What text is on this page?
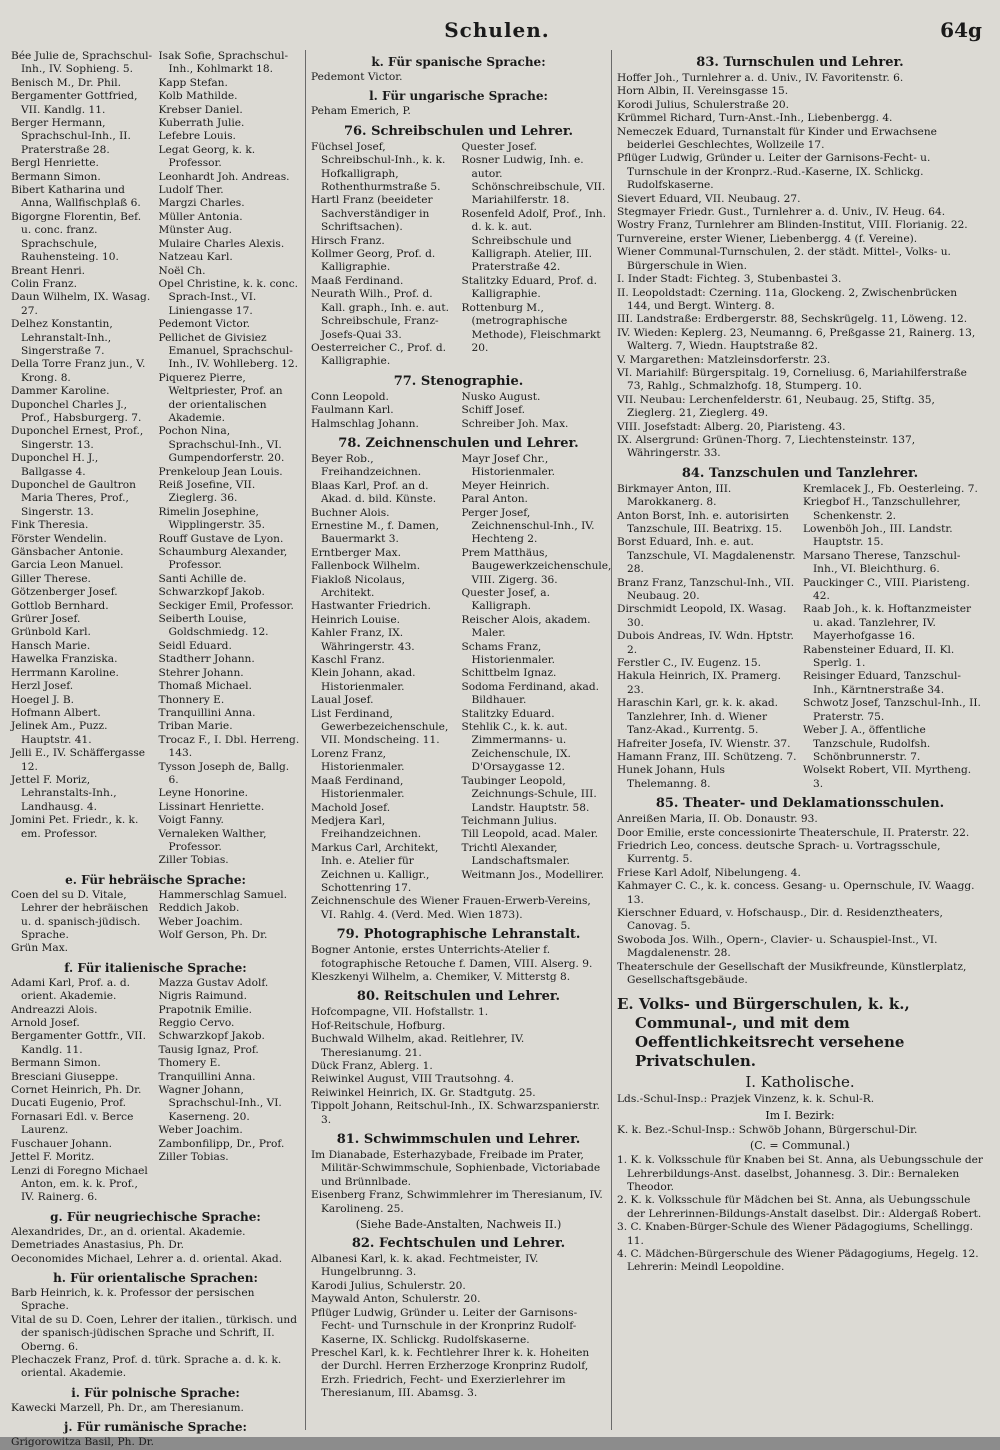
Schulen.	64g

Bée Julie de, Sprachschul-Inh., IV. Sophieng. 5.

Benisch M., Dr. Phil.

Bergamenter Gottfried, VII. Kandlg. 11.

Berger Hermann, Sprachschul-Inh., II. Praterstraße 28.

Bergl Henriette.

Bermann Simon.

Bibert Katharina und Anna, Wallfischplaß 6.

Bigorgne Florentin, Bef. u. conc. franz. Sprachschule, Rauhensteing. 10.

Breant Henri.

Colin Franz.

Daun Wilhelm, IX. Wasag. 27.

Delhez Konstantin, Lehranstalt-Inh., Singerstraße 7.

Della Torre Franz jun., V. Krong. 8.

Dammer Karoline.

Duponchel Charles J., Prof., Habsburgerg. 7.

Duponchel Ernest, Prof., Singerstr. 13.

Duponchel H. J., Ballgasse 4.

Duponchel de Gaultron Maria Theres, Prof., Singerstr. 13.

Fink Theresia.

Förster Wendelin.

Gänsbacher Antonie.

Garcia Leon Manuel.

Giller Therese.

Götzenberger Josef.

Gottlob Bernhard.

Grürer Josef.

Grünbold Karl.

Hansch Marie.

Hawelka Franziska.

Herrmann Karoline.

Herzl Josef.

Hoegel J. B.

Hofmann Albert.

Jelinek Am., Puzz. Hauptstr. 41.

Jelli E., IV. Schäffergasse 12.

Jettel F. Moriz, Lehranstalts-Inh., Landhausg. 4.

Jomini Pet. Friedr., k. k. em. Professor.

Isak Sofie, Sprachschul-Inh., Kohlmarkt 18.

Kapp Stefan.

Kolb Mathilde.

Krebser Daniel.

Kuberrath Julie.

Lefebre Louis.

Legat Georg, k. k. Professor.

Leonhardt Joh. Andreas.

Ludolf Ther.

Margzi Charles.

Müller Antonia.

Münster Aug.

Mulaire Charles Alexis.

Natzeau Karl.

Noël Ch.

Opel Christine, k. k. conc. Sprach-Inst., VI. Liniengasse 17.

Pedemont Victor.

Pellichet de Givisiez Emanuel, Sprachschul-Inh., IV. Wohlleberg. 12.

Piquerez Pierre, Weltpriester, Prof. an der orientalischen Akademie.

Pochon Nina, Sprachschul-Inh., VI. Gumpendorferstr. 20.

Prenkeloup Jean Louis.

Reiß Josefine, VII. Zieglerg. 36.

Rimelin Josephine, Wipplingerstr. 35.

Rouff Gustave de Lyon.

Schaumburg Alexander, Professor.

Santi Achille de.

Schwarzkopf Jakob.

Seckiger Emil, Professor.

Seiberth Louise, Goldschmiedg. 12.

Seidl Eduard.

Stadtherr Johann.

Stehrer Johann.

Thomaß Michael.

Thonnery E.

Tranquillini Anna.

Triban Marie.

Trocaz F., I. Dbl. Herreng. 143.

Tysson Joseph de, Ballg. 6.

Leyne Honorine.

Lissinart Henriette.

Voigt Fanny.

Vernaleken Walther, Professor.

Ziller Tobias.

e. Für hebräische Sprache:

Coen del su D. Vitale, Lehrer der hebräischen u. d. spanisch-jüdisch. Sprache.

Grün Max.

Hammerschlag Samuel.

Reddich Jakob.

Weber Joachim.

Wolf Gerson, Ph. Dr.

f. Für italienische Sprache:

Adami Karl, Prof. a. d. orient. Akademie.

Andreazzi Alois.

Arnold Josef.

Bergamenter Gottfr., VII. Kandlg. 11.

Bermann Simon.

Bresciani Giuseppe.

Cornet Heinrich, Ph. Dr.

Ducati Eugenio, Prof.

Fornasari Edl. v. Berce Laurenz.

Fuschauer Johann.

Jettel F. Moritz.

Lenzi di Foregno Michael Anton, em. k. k. Prof., IV. Rainerg. 6.

Mazza Gustav Adolf.

Nigris Raimund.

Prapotnik Emilie.

Reggio Cervo.

Schwarzkopf Jakob.

Tausig Ignaz, Prof.

Thomery E.

Tranquillini Anna.

Wagner Johann, Sprachschul-Inh., VI. Kaserneng. 20.

Weber Joachim.

Zambonfilipp, Dr., Prof.

Ziller Tobias.

g. Für neugriechische Sprache:

Alexandrides, Dr., an d. oriental. Akademie.

Demetriades Anastasius, Ph. Dr.

Oeconomides Michael, Lehrer a. d. oriental. Akad.

h. Für orientalische Sprachen:

Barb Heinrich, k. k. Professor der persischen Sprache.

Vital de su D. Coen, Lehrer der italien., türkisch. und der spanisch-jüdischen Sprache und Schrift, II. Oberng. 6.

Plechaczek Franz, Prof. d. türk. Sprache a. d. k. k. oriental. Akademie.

i. Für polnische Sprache:

Kawecki Marzell, Ph. Dr., am Theresianum.

j. Für rumänische Sprache:

Grigorowitza Basil, Ph. Dr.

k. Für spanische Sprache:

Pedemont Victor.

l. Für ungarische Sprache:

Peham Emerich, P.

76. Schreibschulen und Lehrer.

Füchsel Josef, Schreibschul-Inh., k. k. Hofkalligraph, Rothenthurmstraße 5.

Hartl Franz (beeideter Sachverständiger in Schriftsachen).

Hirsch Franz.

Kollmer Georg, Prof. d. Kalligraphie.

Maaß Ferdinand.

Neurath Wilh., Prof. d. Kall. graph., Inh. e. aut. Schreibschule, Franz-Josefs-Quai 33.

Oesterreicher C., Prof. d. Kalligraphie.

Quester Josef.

Rosner Ludwig, Inh. e. autor. Schönschreibschule, VII. Mariahilferstr. 18.

Rosenfeld Adolf, Prof., Inh. d. k. k. aut. Schreibschule und Kalligraph. Atelier, III. Praterstraße 42.

Stalitzky Eduard, Prof. d. Kalligraphie.

Rottenburg M., (metrographische Methode), Fleischmarkt 20.

77. Stenographie.

Conn Leopold.

Faulmann Karl.

Halmschlag Johann.

Nusko August.

Schiff Josef.

Schreiber Joh. Max.

78. Zeichnenschulen und Lehrer.

Beyer Rob., Freihandzeichnen.

Blaas Karl, Prof. an d. Akad. d. bild. Künste.

Buchner Alois.

Ernestine M., f. Damen, Bauermarkt 3.

Erntberger Max.

Fallenbock Wilhelm.

Fiakloß Nicolaus, Architekt.

Hastwanter Friedrich.

Heinrich Louise.

Kahler Franz, IX. Währingerstr. 43.

Kaschl Franz.

Klein Johann, akad. Historienmaler.

Laual Josef.

List Ferdinand, Gewerbezeichenschule, VII. Mondscheing. 11.

Lorenz Franz, Historienmaler.

Maaß Ferdinand, Historienmaler.

Machold Josef.

Medjera Karl, Freihandzeichnen.

Markus Carl, Architekt, Inh. e. Atelier für Zeichnen u. Kalligr., Schottenring 17.

Mayr Josef Chr., Historienmaler.

Meyer Heinrich.

Paral Anton.

Perger Josef, Zeichnenschul-Inh., IV. Hechteng 2.

Prem Matthäus, Baugewerkzeichenschule, VIII. Zigerg. 36.

Quester Josef, a. Kalligraph.

Reischer Alois, akadem. Maler.

Schams Franz, Historienmaler.

Schittbelm Ignaz.

Sodoma Ferdinand, akad. Bildhauer.

Stalitzky Eduard.

Stehlik C., k. k. aut. Zimmermanns- u. Zeichenschule, IX. D'Orsaygasse 12.

Taubinger Leopold, Zeichnungs-Schule, III. Landstr. Hauptstr. 58.

Teichmann Julius.

Till Leopold, acad. Maler.

Trichtl Alexander, Landschaftsmaler.

Weitmann Jos., Modellirer.

Zeichnenschule des Wiener Frauen-Erwerb-Vereins, VI. Rahlg. 4. (Verd. Med. Wien 1873).

79. Photographische Lehranstalt.

Bogner Antonie, erstes Unterrichts-Atelier f. fotographische Retouche f. Damen, VIII. Alserg. 9.

Kleszkenyi Wilhelm, a. Chemiker, V. Mitterstg 8.

80. Reitschulen und Lehrer.

Hofcompagne, VII. Hofstallstr. 1.

Hof-Reitschule, Hofburg.

Buchwald Wilhelm, akad. Reitlehrer, IV. Theresianumg. 21.

Dück Franz, Ablerg. 1.

Reiwinkel August, VIII Trautsohng. 4.

Reiwinkel Heinrich, IX. Gr. Stadtgutg. 25.

Tippolt Johann, Reitschul-Inh., IX. Schwarzspanierstr. 3.

81. Schwimmschulen und Lehrer.

Im Dianabade, Esterhazybade, Freibade im Prater, Militär-Schwimmschule, Sophienbade, Victoriabade und Brünnlbade.

Eisenberg Franz, Schwimmlehrer im Theresianum, IV. Karolineng. 25.

(Siehe Bade-Anstalten, Nachweis II.)
82. Fechtschulen und Lehrer.

Albanesi Karl, k. k. akad. Fechtmeister, IV. Hungelbrunng. 3.

Karodi Julius, Schulerstr. 20.

Maywald Anton, Schulerstr. 20.

Pflüger Ludwig, Gründer u. Leiter der Garnisons-Fecht- und Turnschule in der Kronprinz Rudolf-Kaserne, IX. Schlickg. Rudolfskaserne.

Preschel Karl, k. k. Fechtlehrer Ihrer k. k. Hoheiten der Durchl. Herren Erzherzoge Kronprinz Rudolf, Erzh. Friedrich, Fecht- und Exerzierlehrer im Theresianum, III. Abamsg. 3.

83. Turnschulen und Lehrer.

Hoffer Joh., Turnlehrer a. d. Univ., IV. Favoritenstr. 6.

Horn Albin, II. Vereinsgasse 15.

Korodi Julius, Schulerstraße 20.

Krümmel Richard, Turn-Anst.-Inh., Liebenbergg. 4.

Nemeczek Eduard, Turnanstalt für Kinder und Erwachsene beiderlei Geschlechtes, Wollzeile 17.

Pflüger Ludwig, Gründer u. Leiter der Garnisons-Fecht- u. Turnschule in der Kronprz.-Rud.-Kaserne, IX. Schlickg. Rudolfskaserne.

Sievert Eduard, VII. Neubaug. 27.

Stegmayer Friedr. Gust., Turnlehrer a. d. Univ., IV. Heug. 64.

Wostry Franz, Turnlehrer am Blinden-Institut, VIII. Florianig. 22.

Turnvereine, erster Wiener, Liebenbergg. 4 (f. Vereine).

Wiener Communal-Turnschulen, 2. der städt. Mittel-, Volks- u. Bürgerschule in Wien.

I. Inder Stadt: Fichteg. 3, Stubenbastei 3.

II. Leopoldstadt: Czerning. 11a, Glockeng. 2, Zwischenbrücken 144, und Bergt. Winterg. 8.

III. Landstraße: Erdbergerstr. 88, Sechskrügelg. 11, Löweng. 12.

IV. Wieden: Keplerg. 23, Neumanng. 6, Preßgasse 21, Rainerg. 13, Walterg. 7, Wiedn. Hauptstraße 82.

V. Margarethen: Matzleinsdorferstr. 23.

VI. Mariahilf: Bürgerspitalg. 19, Corneliusg. 6, Mariahilferstraße 73, Rahlg., Schmalzhofg. 18, Stumperg. 10.

VII. Neubau: Lerchenfelderstr. 61, Neubaug. 25, Stiftg. 35, Zieglerg. 21, Zieglerg. 49.

VIII. Josefstadt: Alberg. 20, Piaristeng. 43.

IX. Alsergrund: Grünen-Thorg. 7, Liechtensteinstr. 137, Währingerstr. 33.

84. Tanzschulen und Tanzlehrer.

Birkmayer Anton, III. Marokkanerg. 8.

Anton Borst, Inh. e. autorisirten Tanzschule, III. Beatrixg. 15.

Borst Eduard, Inh. e. aut. Tanzschule, VI. Magdalenenstr. 28.

Branz Franz, Tanzschul-Inh., VII. Neubaug. 20.

Dirschmidt Leopold, IX. Wasag. 30.

Dubois Andreas, IV. Wdn. Hptstr. 2.

Ferstler C., IV. Eugenz. 15.

Hakula Heinrich, IX. Pramerg. 23.

Haraschin Karl, gr. k. k. akad. Tanzlehrer, Inh. d. Wiener Tanz-Akad., Kurrentg. 5.

Hafreiter Josefa, IV. Wienstr. 37.

Hamann Franz, III. Schützeng. 7.

Hunek Johann, Huls Thelemanng. 8.

Kremlacek J., Fb. Oesterleing. 7.

Kriegbof H., Tanzschullehrer, Schenkenstr. 2.

Lowenböh Joh., III. Landstr. Hauptstr. 15.

Marsano Therese, Tanzschul-Inh., VI. Bleichthurg. 6.

Pauckinger C., VIII. Piaristeng. 42.

Raab Joh., k. k. Hoftanzmeister u. akad. Tanzlehrer, IV. Mayerhofgasse 16.

Rabensteiner Eduard, II. Kl. Sperlg. 1.

Reisinger Eduard, Tanzschul-Inh., Kärntnerstraße 34.

Schwotz Josef, Tanzschul-Inh., II. Praterstr. 75.

Weber J. A., öffentliche Tanzschule, Rudolfsh. Schönbrunnerstr. 7.

Wolsekt Robert, VII. Myrtheng. 3.

85. Theater- und Deklamationsschulen.

Anreißen Maria, II. Ob. Donaustr. 93.

Door Emilie, erste concessionirte Theaterschule, II. Praterstr. 22.

Friedrich Leo, concess. deutsche Sprach- u. Vortragsschule, Kurrentg. 5.

Friese Karl Adolf, Nibelungeng. 4.

Kahmayer C. C., k. k. concess. Gesang- u. Opernschule, IV. Waagg. 13.

Kierschner Eduard, v. Hofschausp., Dir. d. Residenztheaters, Canovag. 5.

Swoboda Jos. Wilh., Opern-, Clavier- u. Schauspiel-Inst., VI. Magdalenenstr. 28.

Theaterschule der Gesellschaft der Musikfreunde, Künstlerplatz, Gesellschaftsgebäude.

E. Volks- und Bürgerschulen, k. k., Communal-, und mit dem Oeffentlichkeitsrecht versehene Privatschulen.
I. Katholische.

Lds.-Schul-Insp.: Prazjek Vinzenz, k. k. Schul-R.

Im I. Bezirk:

K. k. Bez.-Schul-Insp.: Schwöb Johann, Bürgerschul-Dir.

(C. = Communal.)

1. K. k. Volksschule für Knaben bei St. Anna, als Uebungsschule der Lehrerbildungs-Anst. daselbst, Johannesg. 3. Dir.: Bernaleken Theodor.

2. K. k. Volksschule für Mädchen bei St. Anna, als Uebungsschule der Lehrerinnen-Bildungs-Anstalt daselbst. Dir.: Aldergaß Robert.

3. C. Knaben-Bürger-Schule des Wiener Pädagogiums, Schellingg. 11.

4. C. Mädchen-Bürgerschule des Wiener Pädagogiums, Hegelg. 12. Lehrerin: Meindl Leopoldine.
